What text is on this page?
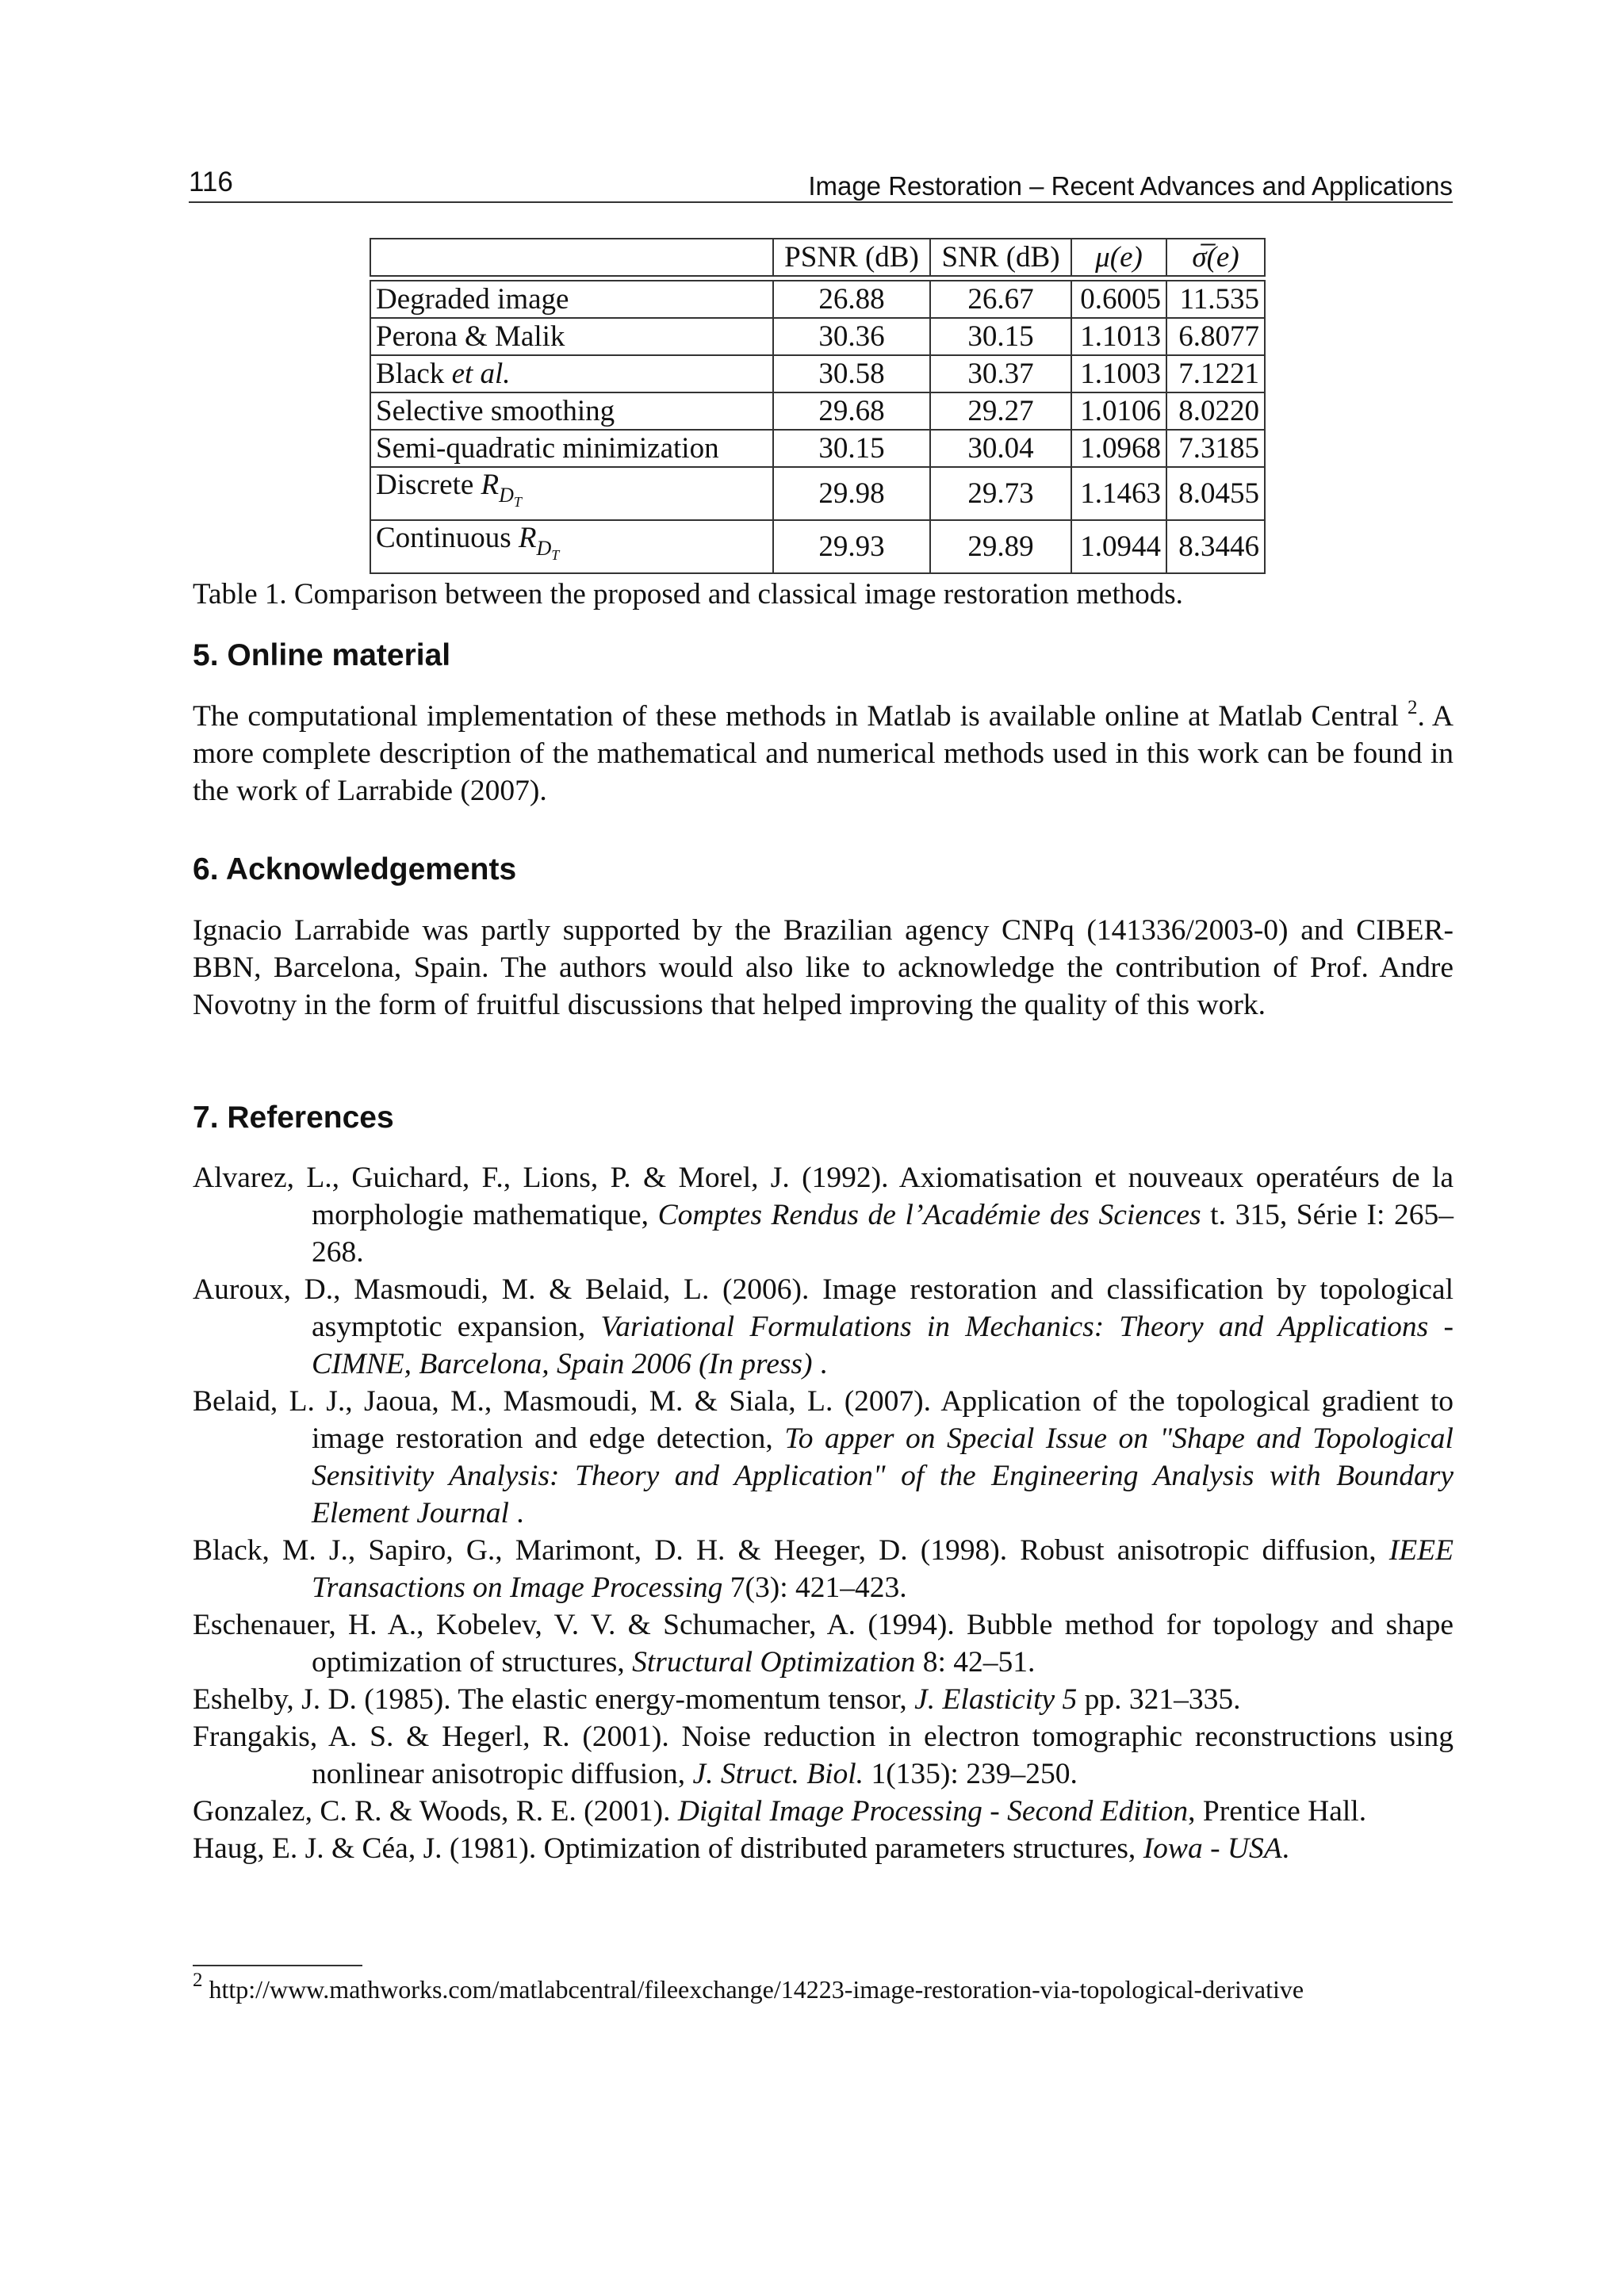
116	Image Restoration – Recent Advances and Applications
	PSNR (dB)	SNR (dB)	μ(e)	σ̅(e)

Degraded image	26.88	26.67	0.6005	11.535
Perona & Malik	30.36	30.15	1.1013	6.8077
Black et al.	30.58	30.37	1.1003	7.1221
Selective smoothing	29.68	29.27	1.0106	8.0220
Semi-quadratic minimization	30.15	30.04	1.0968	7.3185
Discrete $R_{D_T}$	29.98	29.73	1.1463	8.0455
Continuous $R_{D_T}$	29.93	29.89	1.0944	8.3446
Table 1. Comparison between the proposed and classical image restoration methods.
5. Online material

The computational implementation of these methods in Matlab is available online at Matlab Central $^2$. A more complete description of the mathematical and numerical methods used in this work can be found in the work of Larrabide (2007).

6. Acknowledgements

Ignacio Larrabide was partly supported by the Brazilian agency CNPq (141336/2003-0) and CIBER-BBN, Barcelona, Spain. The authors would also like to acknowledge the contribution of Prof. Andre Novotny in the form of fruitful discussions that helped improving the quality of this work.

7. References
Alvarez, L., Guichard, F., Lions, P. & Morel, J. (1992). Axiomatisation et nouveaux operatéurs de la morphologie mathematique, Comptes Rendus de l’Académie des Sciences t. 315, Série I: 265–268.
Auroux, D., Masmoudi, M. & Belaid, L. (2006). Image restoration and classification by topological asymptotic expansion, Variational Formulations in Mechanics: Theory and Applications - CIMNE, Barcelona, Spain 2006 (In press) .
Belaid, L. J., Jaoua, M., Masmoudi, M. & Siala, L. (2007). Application of the topological gradient to image restoration and edge detection, To apper on Special Issue on "Shape and Topological Sensitivity Analysis: Theory and Application" of the Engineering Analysis with Boundary Element Journal .
Black, M. J., Sapiro, G., Marimont, D. H. & Heeger, D. (1998). Robust anisotropic diffusion, IEEE Transactions on Image Processing 7(3): 421–423.
Eschenauer, H. A., Kobelev, V. V. & Schumacher, A. (1994). Bubble method for topology and shape optimization of structures, Structural Optimization 8: 42–51.
Eshelby, J. D. (1985). The elastic energy-momentum tensor, J. Elasticity 5 pp. 321–335.
Frangakis, A. S. & Hegerl, R. (2001). Noise reduction in electron tomographic reconstructions using nonlinear anisotropic diffusion, J. Struct. Biol. 1(135): 239–250.
Gonzalez, C. R. & Woods, R. E. (2001). Digital Image Processing - Second Edition, Prentice Hall.
Haug, E. J. & Céa, J. (1981). Optimization of distributed parameters structures, Iowa - USA.
$^2$ http://www.mathworks.com/matlabcentral/fileexchange/14223-image-restoration-via-topological-derivative
